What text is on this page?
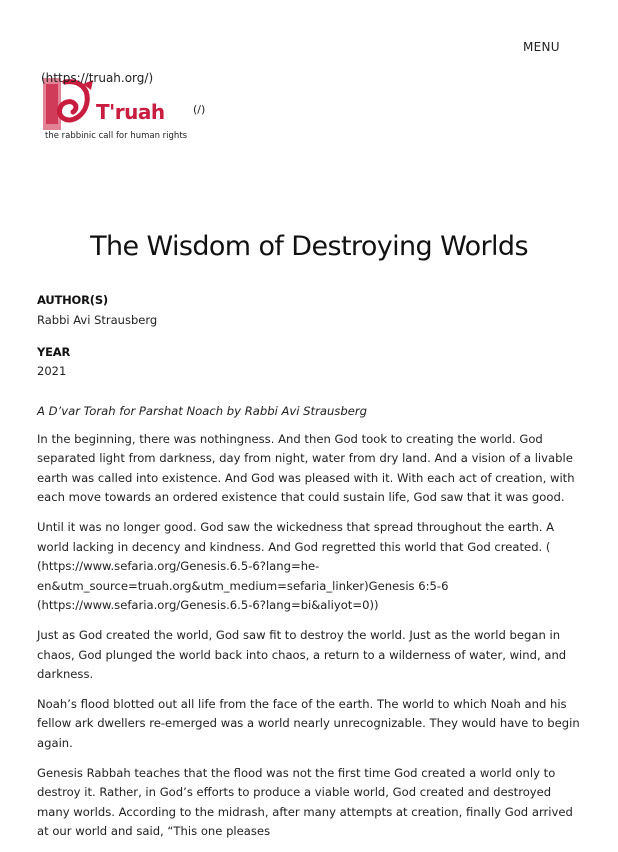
MENU
(https://truah.org/)
T'ruah
the rabbinic call for human rights
(/)
The Wisdom of Destroying Worlds
AUTHOR(S)
Rabbi Avi Strausberg
YEAR
2021

A D’var Torah for Parshat Noach by Rabbi Avi Strausberg

In the beginning, there was nothingness. And then God took to creating the world. God separated light from darkness, day from night, water from dry land. And a vision of a livable earth was called into existence. And God was pleased with it. With each act of creation, with each move towards an ordered existence that could sustain life, God saw that it was good.

Until it was no longer good. God saw the wickedness that spread throughout the earth. A world lacking in decency and kindness. And God regretted this world that God created. ( (https://www.sefaria.org/Genesis.6.5-6?lang=he-en&utm_source=truah.org&utm_medium=sefaria_linker)Genesis 6:5-6 (https://www.sefaria.org/Genesis.6.5-6?lang=bi&aliyot=0))

Just as God created the world, God saw fit to destroy the world. Just as the world began in chaos, God plunged the world back into chaos, a return to a wilderness of water, wind, and darkness.

Noah’s flood blotted out all life from the face of the earth. The world to which Noah and his fellow ark dwellers re-emerged was a world nearly unrecognizable. They would have to begin again.

Genesis Rabbah teaches that the flood was not the first time God created a world only to destroy it. Rather, in God’s efforts to produce a viable world, God created and destroyed many worlds. According to the midrash, after many attempts at creation, finally God arrived at our world and said, “This one pleases
